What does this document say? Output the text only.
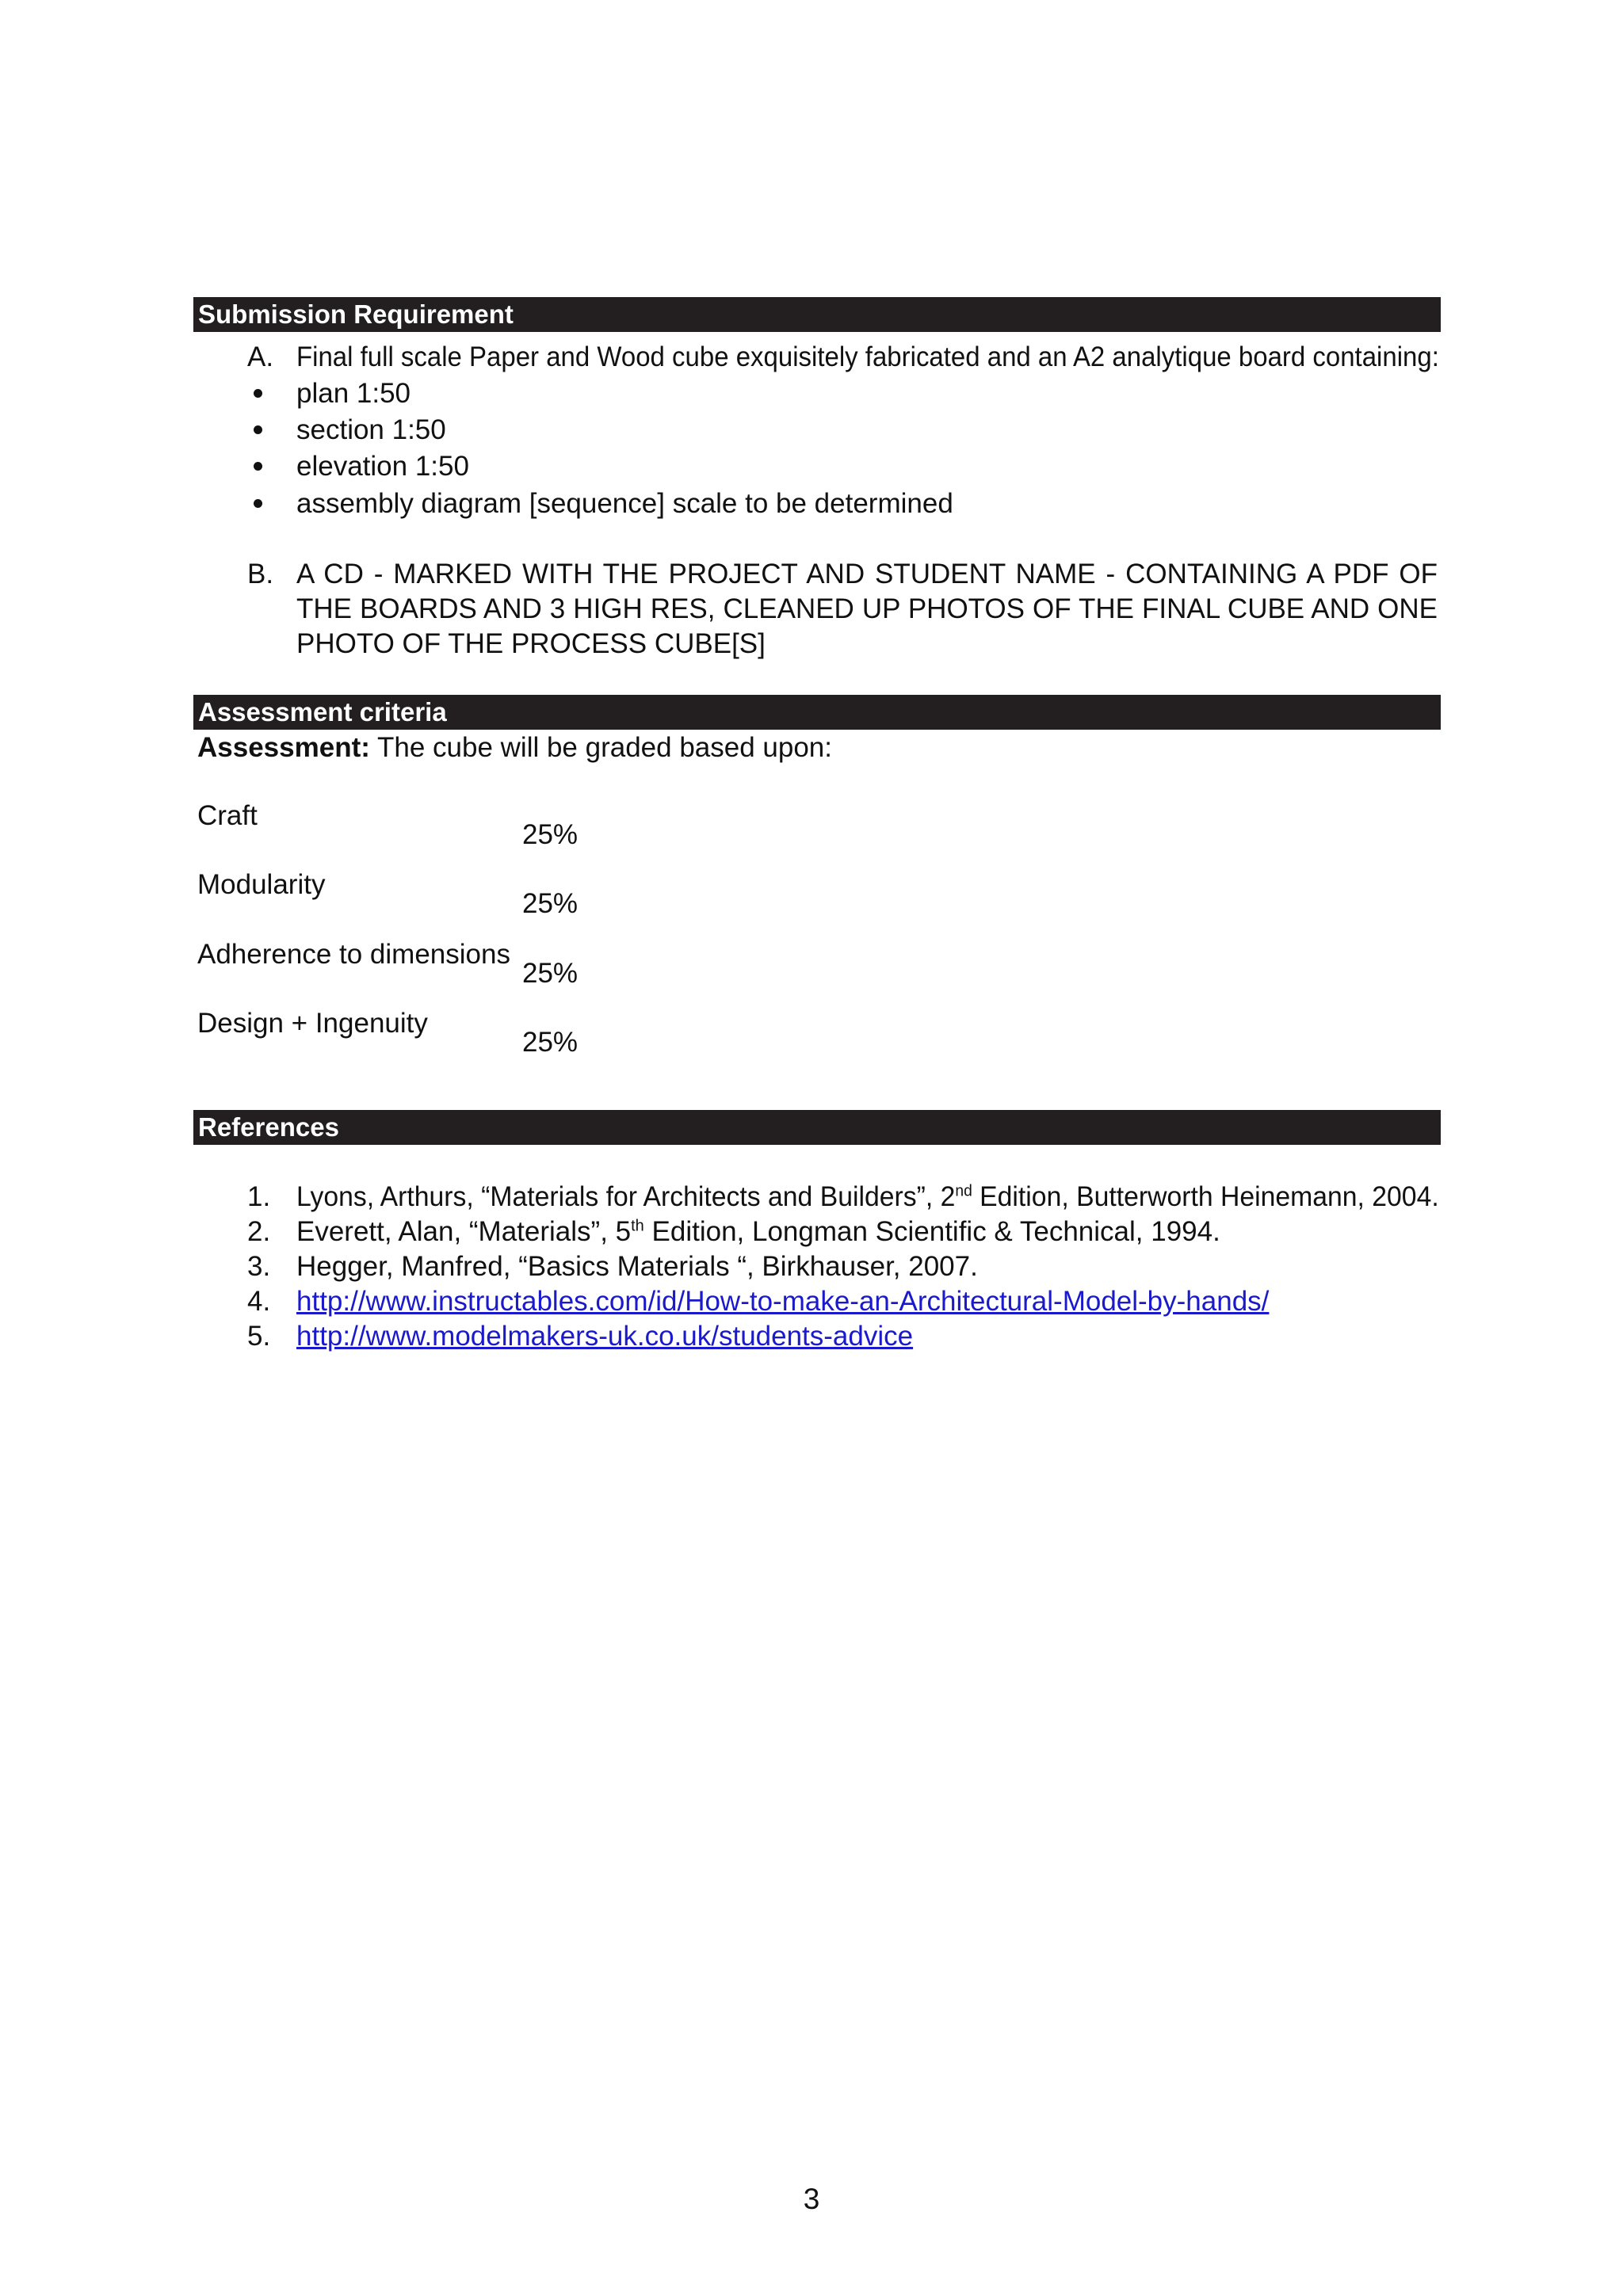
Submission Requirement
A. Final full scale Paper and Wood cube exquisitely fabricated and an A2 analytique board containing:
plan 1:50
section 1:50
elevation 1:50
assembly diagram [sequence] scale to be determined
B. A CD - MARKED WITH THE PROJECT AND STUDENT NAME - CONTAINING A PDF OF THE BOARDS AND 3 HIGH RES, CLEANED UP PHOTOS OF THE FINAL CUBE AND ONE PHOTO OF THE PROCESS CUBE[S]
Assessment criteria
Assessment: The cube will be graded based upon:
Craft
25%
Modularity
25%
Adherence to dimensions
25%
Design + Ingenuity
25%
References
1. Lyons, Arthurs, “Materials for Architects and Builders”, 2nd Edition, Butterworth Heinemann, 2004.
2. Everett, Alan, “Materials”, 5th Edition, Longman Scientific & Technical, 1994.
3. Hegger, Manfred, “Basics Materials “, Birkhauser, 2007.
4. http://www.instructables.com/id/How-to-make-an-Architectural-Model-by-hands/
5. http://www.modelmakers-uk.co.uk/students-advice
3
